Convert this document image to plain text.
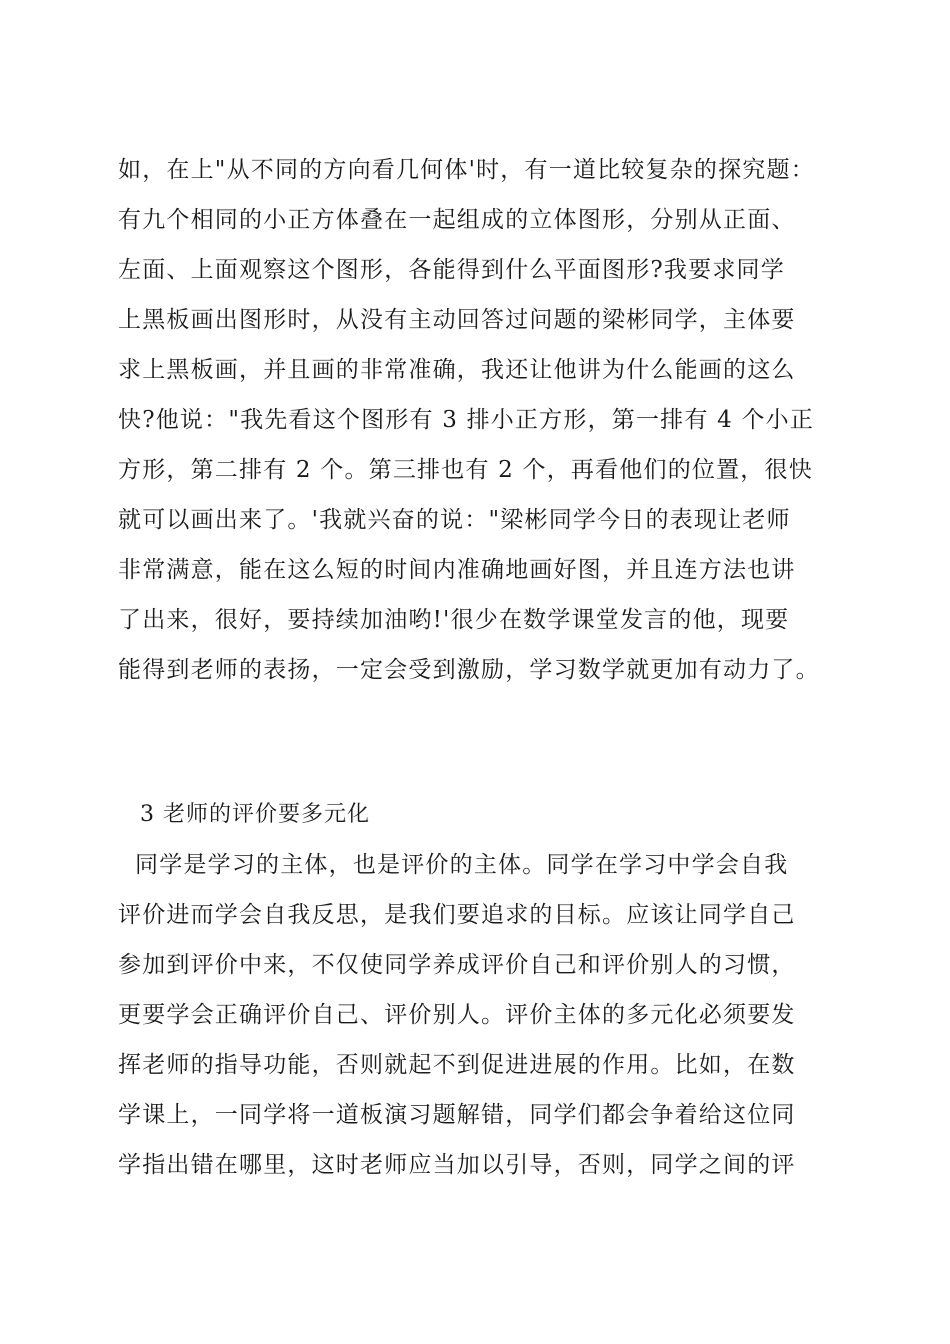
如，在上"从不同的方向看几何体'时，有一道比较复杂的探究题：
有九个相同的小正方体叠在一起组成的立体图形，分别从正面、
左面、上面观察这个图形，各能得到什么平面图形?我要求同学
上黑板画出图形时，从没有主动回答过问题的梁彬同学，主体要
求上黑板画，并且画的非常准确，我还让他讲为什么能画的这么
快?他说："我先看这个图形有 3 排小正方形，第一排有 4 个小正
方形，第二排有 2 个。第三排也有 2 个，再看他们的位置，很快
就可以画出来了。'我就兴奋的说："梁彬同学今日的表现让老师
非常满意，能在这么短的时间内准确地画好图，并且连方法也讲
了出来，很好，要持续加油哟!'很少在数学课堂发言的他，现要
能得到老师的表扬，一定会受到激励，学习数学就更加有动力了。
3 老师的评价要多元化
同学是学习的主体，也是评价的主体。同学在学习中学会自我
评价进而学会自我反思，是我们要追求的目标。应该让同学自己
参加到评价中来，不仅使同学养成评价自己和评价别人的习惯，
更要学会正确评价自己、评价别人。评价主体的多元化必须要发
挥老师的指导功能，否则就起不到促进进展的作用。比如，在数
学课上，一同学将一道板演习题解错，同学们都会争着给这位同
学指出错在哪里，这时老师应当加以引导，否则，同学之间的评
